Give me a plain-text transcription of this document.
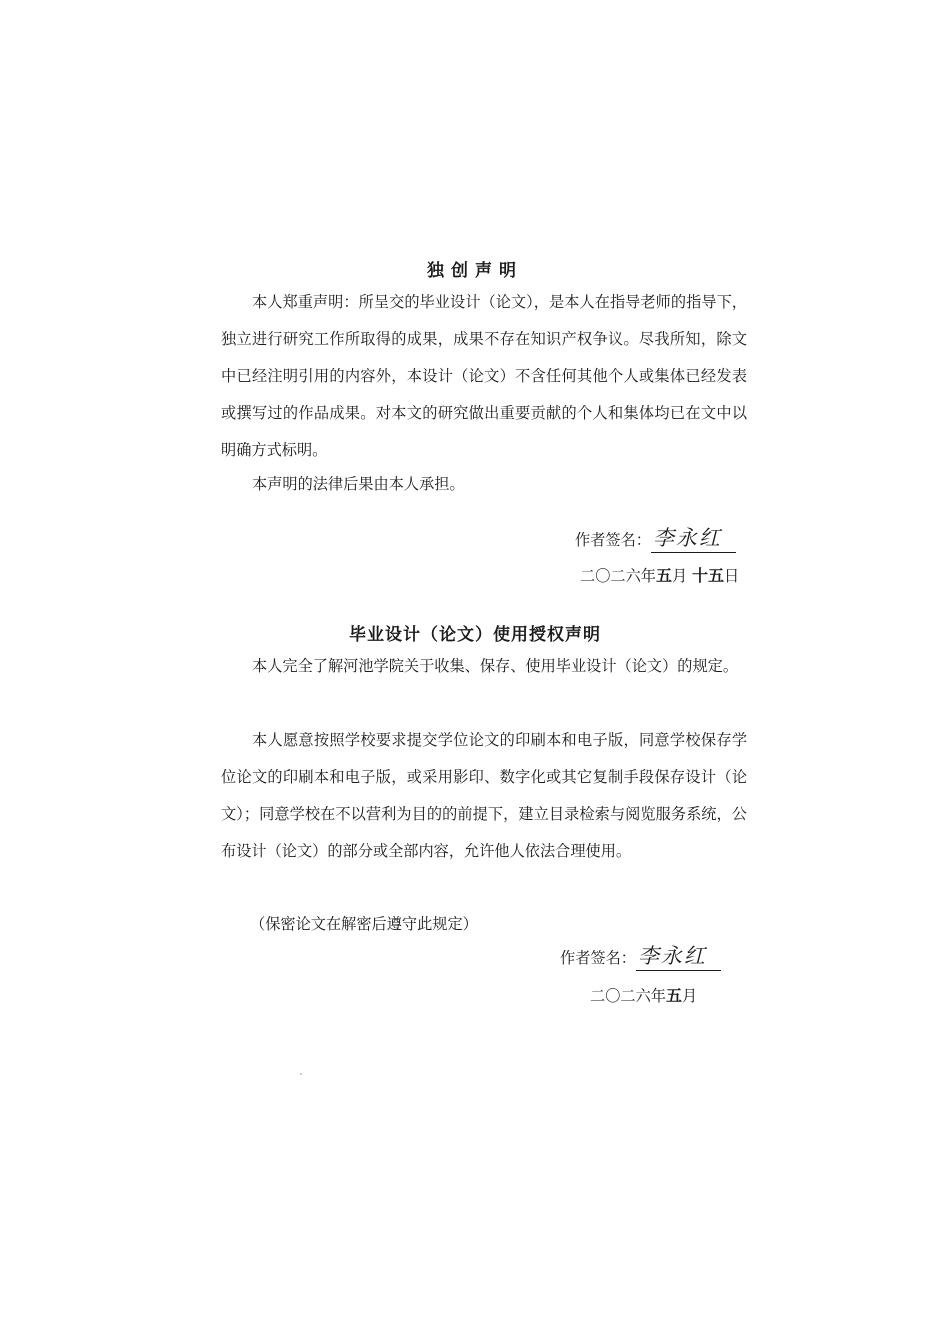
独创声明
本人郑重声明：所呈交的毕业设计（论文），是本人在指导老师的指导下，独立进行研究工作所取得的成果，成果不存在知识产权争议。尽我所知，除文中已经注明引用的内容外，本设计（论文）不含任何其他个人或集体已经发表或撰写过的作品成果。对本文的研究做出重要贡献的个人和集体均已在文中以明确方式标明。
本声明的法律后果由本人承担。
作者签名：李永红
二〇二六年五月 十五日
毕业设计（论文）使用授权声明
本人完全了解河池学院关于收集、保存、使用毕业设计（论文）的规定。
本人愿意按照学校要求提交学位论文的印刷本和电子版，同意学校保存学位论文的印刷本和电子版，或采用影印、数字化或其它复制手段保存设计（论文）；同意学校在不以营利为目的的前提下，建立目录检索与阅览服务系统，公布设计（论文）的部分或全部内容，允许他人依法合理使用。
（保密论文在解密后遵守此规定）
作者签名：李永红
二〇二六年五月
